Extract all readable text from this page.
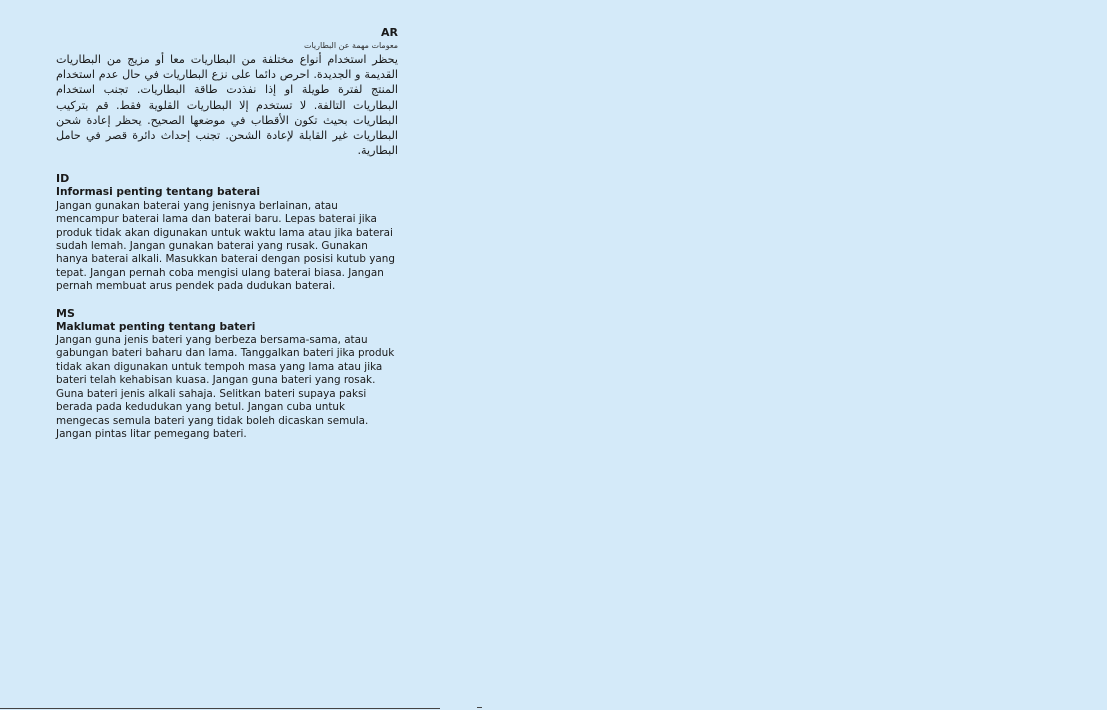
AR
معومات مهمة عن البطاريات
يحظر استخدام أنواع مختلفة من البطاريات معا أو مزيج من البطاريات القديمة و الجديدة. احرص دائما على نزع البطاريات في حال عدم استخدام المنتج لفترة طويلة او إذا نفذدت طاقة البطاريات. تجنب استخدام البطاريات التالفة. لا تستخدم إلا البطاريات القلوية فقط. قم بتركيب البطاريات بحيث تكون الأقطاب في موضعها الصحيح. يحظر إعادة شحن البطاريات غير القابلة لإعادة الشحن. تجنب إحداث دائرة قصر في حامل البطارية.
ID
Informasi penting tentang baterai
Jangan gunakan baterai yang jenisnya berlainan, atau mencampur baterai lama dan baterai baru. Lepas baterai jika produk tidak akan digunakan untuk waktu lama atau jika baterai sudah lemah. Jangan gunakan baterai yang rusak. Gunakan hanya baterai alkali. Masukkan baterai dengan posisi kutub yang tepat. Jangan pernah coba mengisi ulang baterai biasa. Jangan pernah membuat arus pendek pada dudukan baterai.
MS
Maklumat penting tentang bateri
Jangan guna jenis bateri yang berbeza bersama-sama, atau gabungan bateri baharu dan lama. Tanggalkan bateri jika produk tidak akan digunakan untuk tempoh masa yang lama atau jika bateri telah kehabisan kuasa. Jangan guna bateri yang rosak. Guna bateri jenis alkali sahaja. Selitkan bateri supaya paksi berada pada kedudukan yang betul. Jangan cuba untuk mengecas semula bateri yang tidak boleh dicaskan semula. Jangan pintas litar pemegang bateri.
